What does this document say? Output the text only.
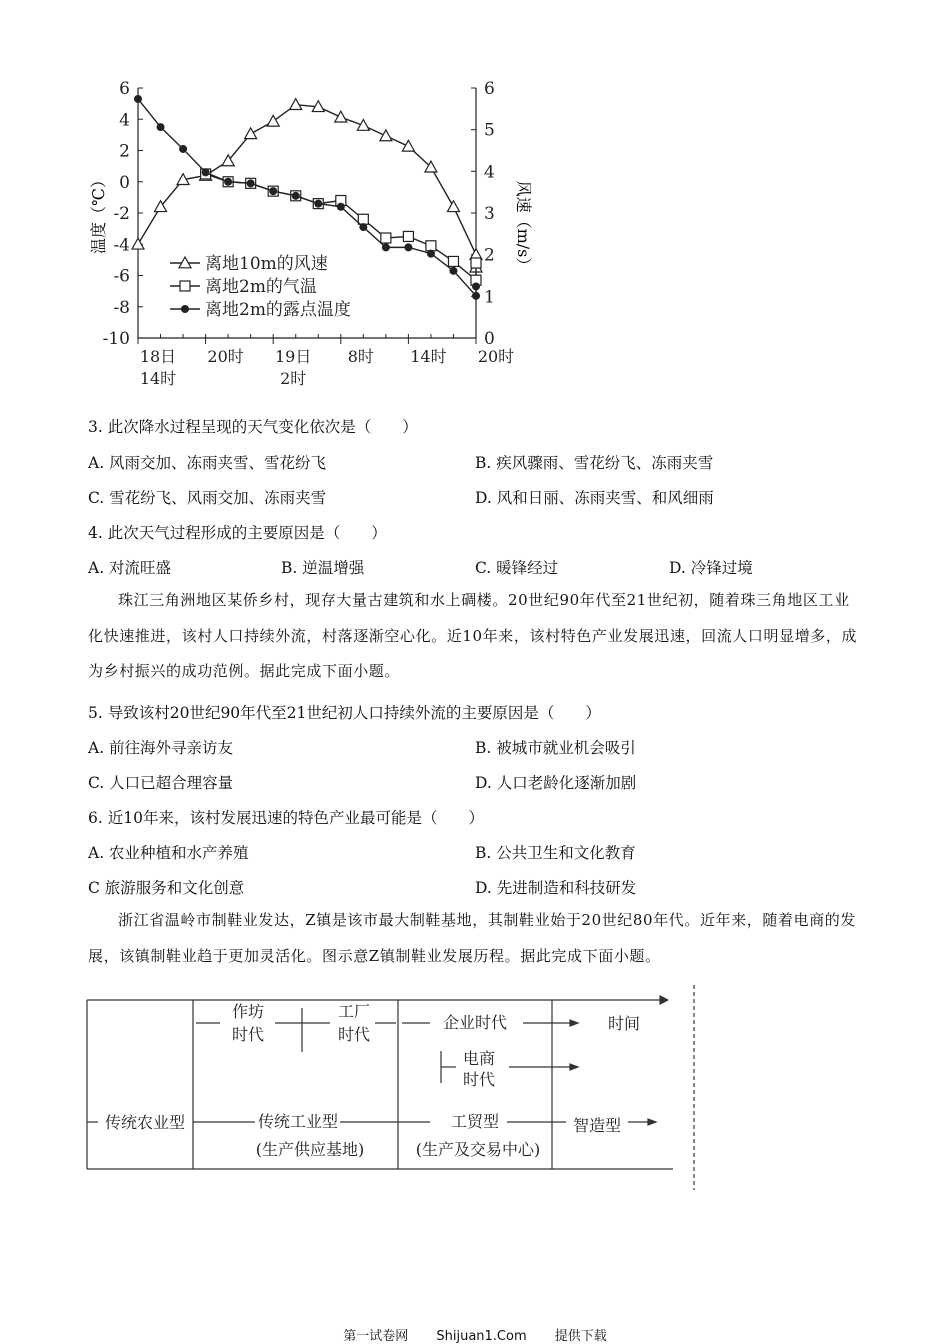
6
4
2
0
-2
-4
-6
-8
-10
6
5
4
3
2
1
0
18日
14时
20时 19日
2时
8时 14时 20时
离地10m的风速
离地2m的气温
离地2m的露点温度
温度（℃）	风速（m/s）
3. 此次降水过程呈现的天气变化依次是（　　）
A. 风雨交加、冻雨夹雪、雪花纷飞	B. 疾风骤雨、雪花纷飞、冻雨夹雪
C. 雪花纷飞、风雨交加、冻雨夹雪	D. 风和日丽、冻雨夹雪、和风细雨
4. 此次天气过程形成的主要原因是（　　）
A. 对流旺盛	B. 逆温增强	C. 暖锋经过	D. 冷锋过境
珠江三角洲地区某侨乡村，现存大量古建筑和水上碉楼。20世纪90年代至21世纪初，随着珠三角地区工业化快速推进，该村人口持续外流，村落逐渐空心化。近10年来，该村特色产业发展迅速，回流人口明显增多，成为乡村振兴的成功范例。据此完成下面小题。
5. 导致该村20世纪90年代至21世纪初人口持续外流的主要原因是（　　）
A. 前往海外寻亲访友	B. 被城市就业机会吸引
C. 人口已超合理容量	D. 人口老龄化逐渐加剧
6. 近10年来，该村发展迅速的特色产业最可能是（　　）
A. 农业种植和水产养殖	B. 公共卫生和文化教育
C 旅游服务和文化创意	D. 先进制造和科技研发
浙江省温岭市制鞋业发达，Z镇是该市最大制鞋基地，其制鞋业始于20世纪80年代。近年来，随着电商的发展，该镇制鞋业趋于更加灵活化。图示意Z镇制鞋业发展历程。据此完成下面小题。
作坊
时代
工厂
时代
企业时代	时间
电商
时代
传统农业型	传统工业型
(生产供应基地)
工贸型
(生产及交易中心)
智造型
第一试卷网 Shijuan1.Com 提供下载
